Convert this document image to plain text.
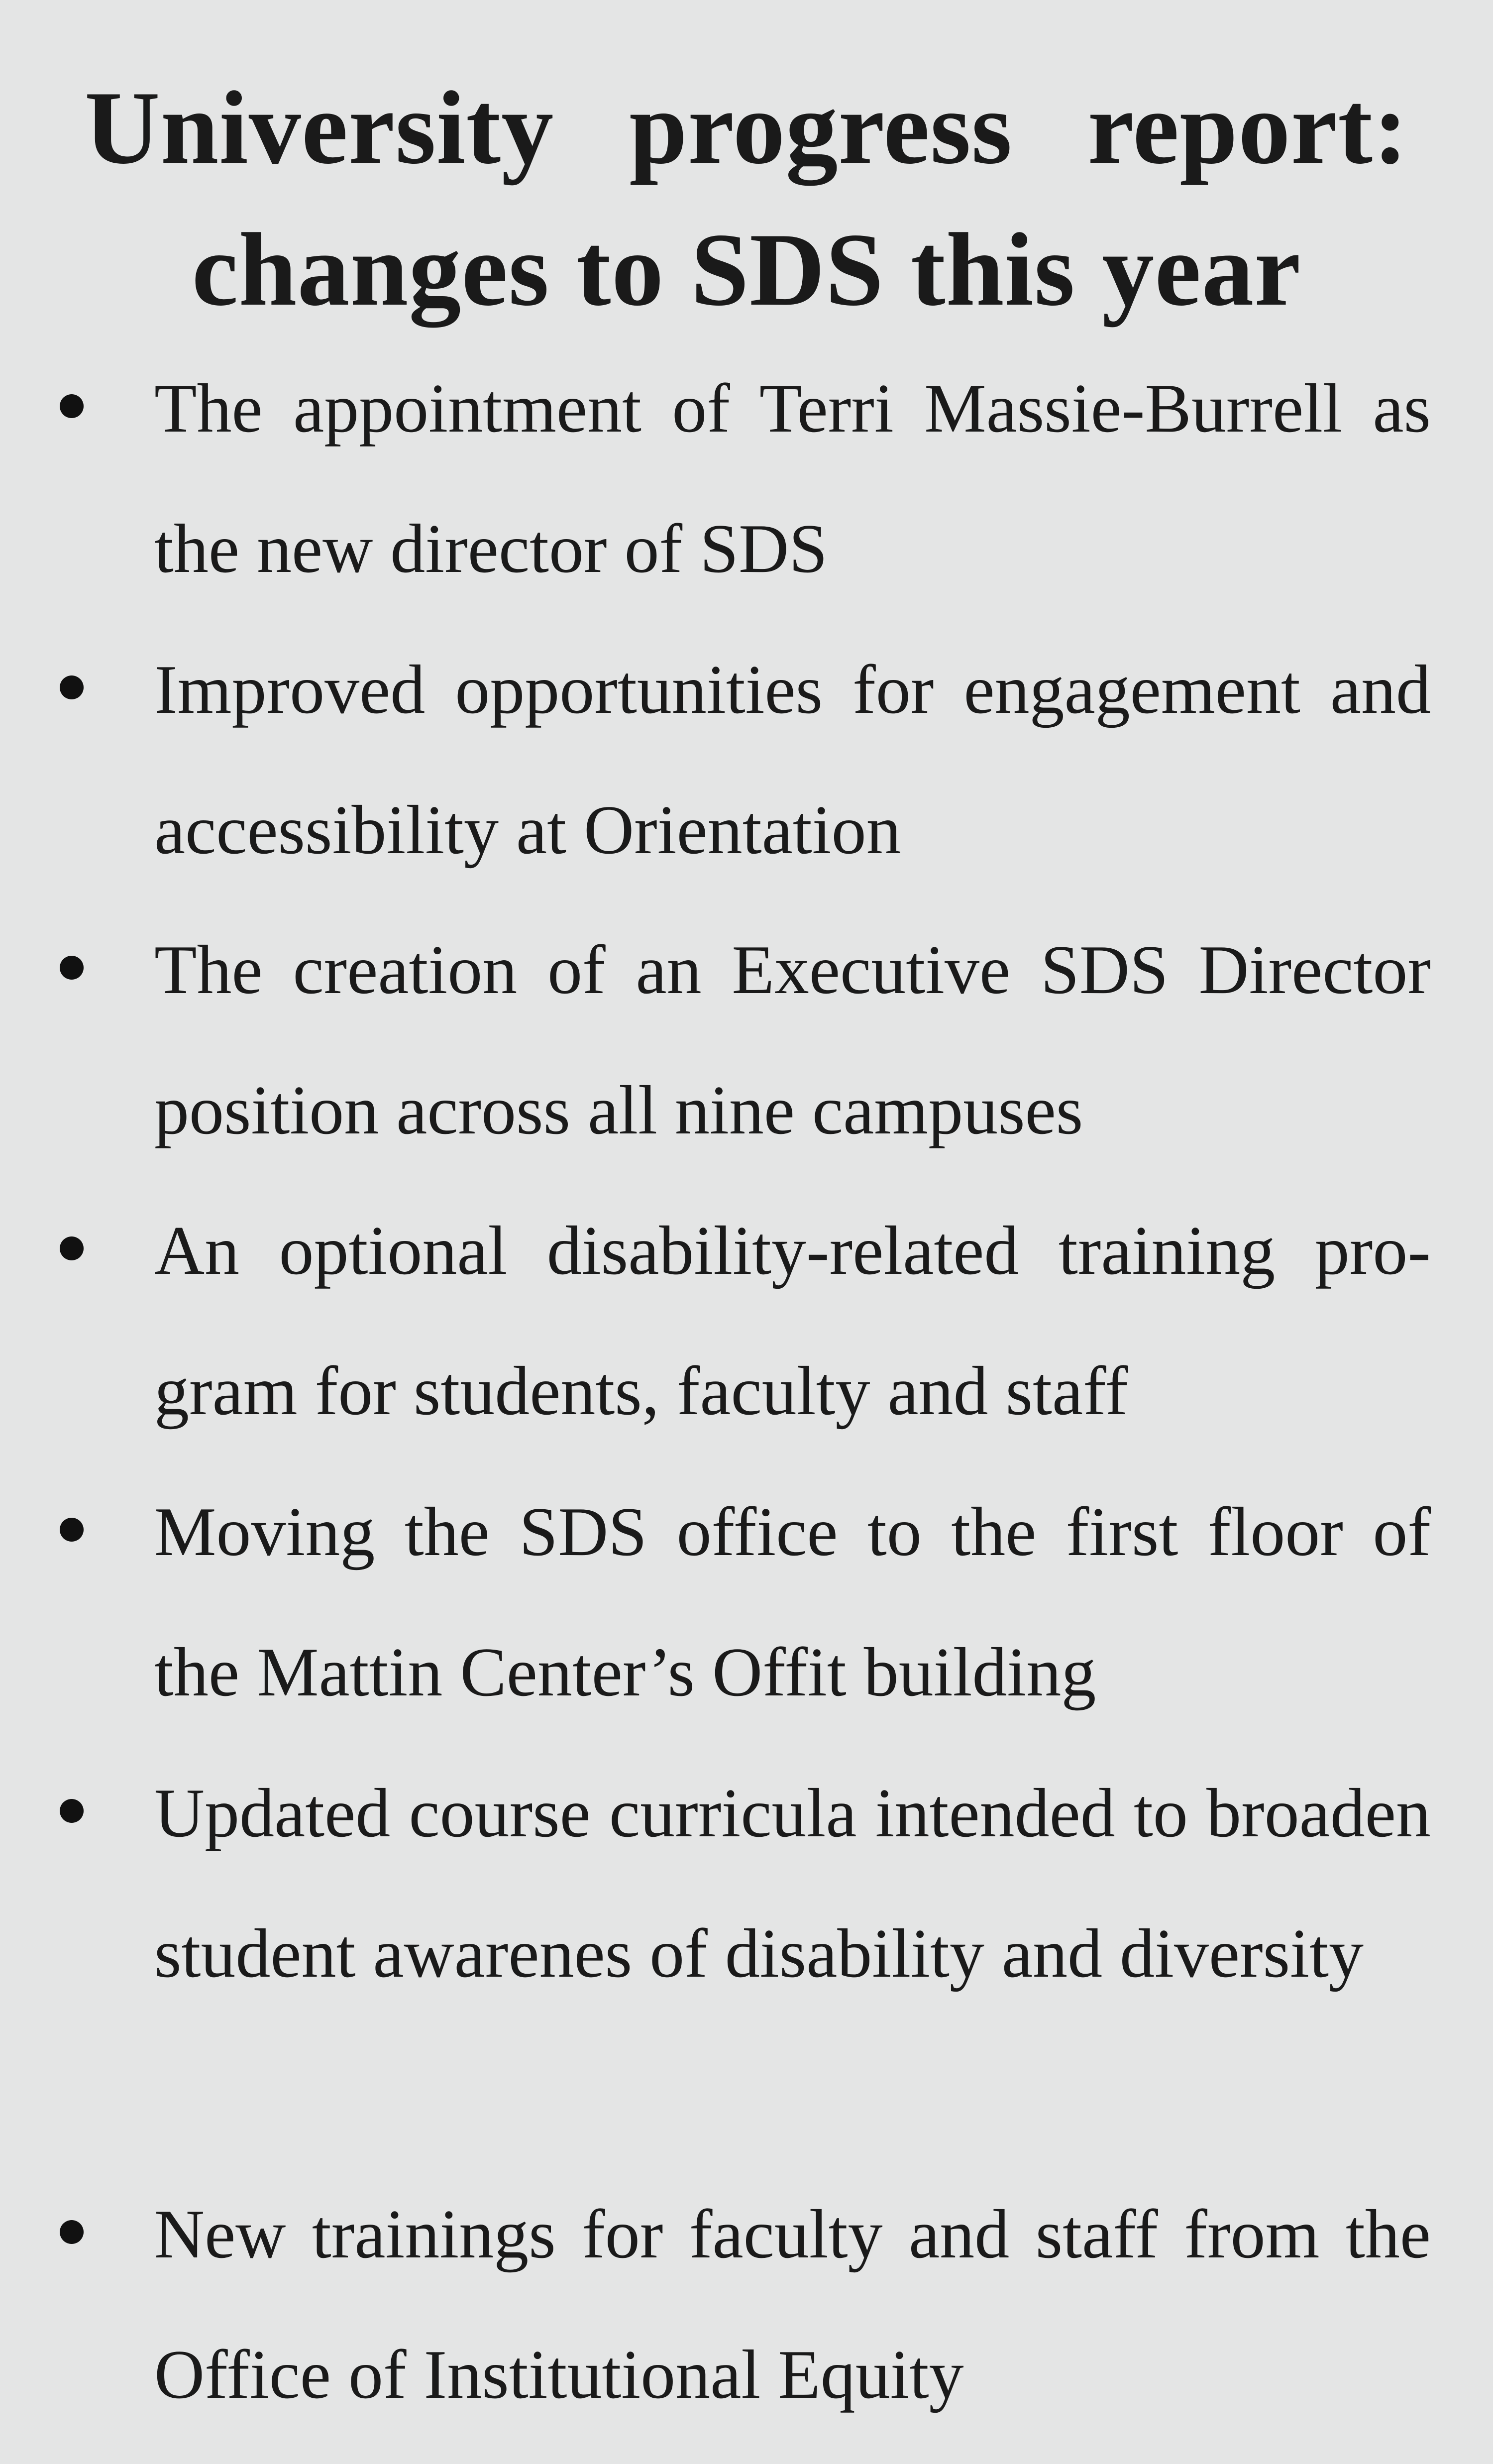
University progress report: changes to SDS this year
The appointment of Terri Massie-Burrell as the new director of SDS
Improved opportunities for engagement and accessibility at Orientation
The creation of an Executive SDS Director position across all nine campuses
An optional disability-related training program for students, faculty and staff
Moving the SDS office to the first floor of the Mattin Center’s Offit building
Updated course curricula intended to broaden student awarenes of disability and diversity
New trainings for faculty and staff from the Office of Institutional Equity
